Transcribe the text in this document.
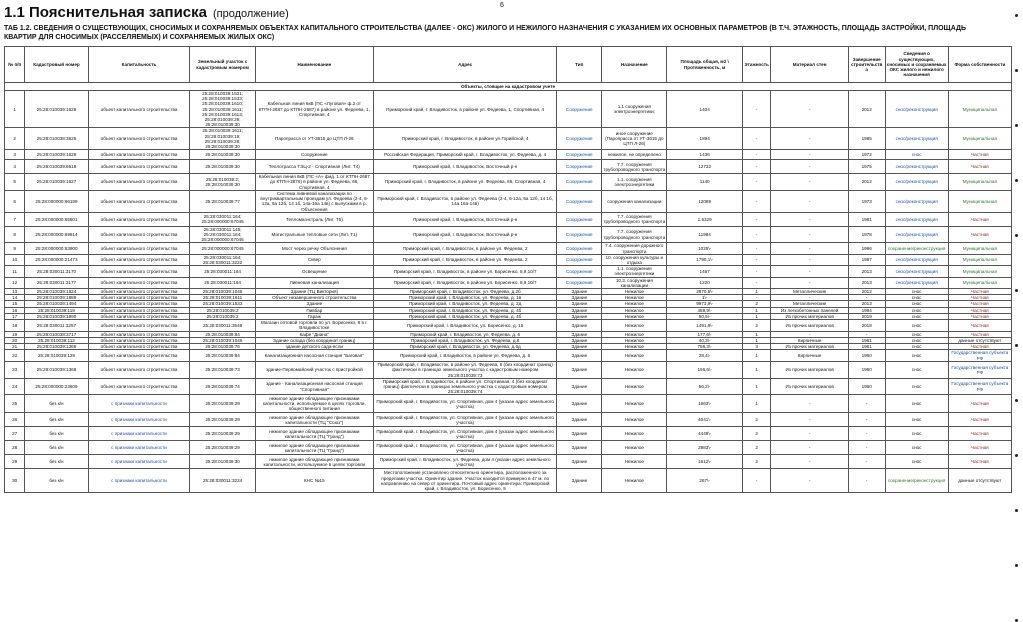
1.1 Пояснительная записка (продолжение)
6
ТАБ 1.2. СВЕДЕНИЯ О СУЩЕСТВУЮЩИХ, СНОСИМЫХ И СОХРАНЯЕМЫХ ОБЪЕКТАХ КАПИТАЛЬНОГО СТРОИТЕЛЬСТВА (ДАЛЕЕ - ОКС) ЖИЛОГО И НЕЖИЛОГО НАЗНАЧЕНИЯ С УКАЗАНИЕМ ИХ ОСНОВНЫХ ПАРАМЕТРОВ (В Т.Ч. ЭТАЖНОСТЬ, ПЛОЩАДЬ ЗАСТРОЙКИ, ПЛОЩАДЬ КВАРТИР ДЛЯ СНОСИМЫХ (РАССЕЛЯЕМЫХ) И СОХРАНЯЕМЫХ ЖИЛЫХ ОКС)
№ п/п	Кадастровый номер	Капитальность	Земельный участок с кадастровым номером	Наименование	Адрес	Тип	Назначение	Площадь общая, м2 \ Протяженность, м	Этажность	Материал стен	Завершение строительства	Сведения о существующих, сносимых и сохраняемых ОКС жилого и нежилого назначения	Форма собственности
Объекты, стоящие на кадастровом учете													
1	25:28:010039:1628	объект капитального строительства	25:28:010039:1531; 25:28:010039:1533; 25:28:010039:1610; 25:28:010039:1611; 25:28:010039:1613; 25:28:010039:29; 25:28:010039:30	Кабельная линия 6кВ (ПС «Луговая» ф.2 от КТПН-2687 до КТПН-2687) в районе ул. Федеева, 1, Спортивная, 4	Приморский край, г. Владивосток, в районе ул. Федеева, 1, Спортивная, 4	Сооружение	1.1 сооружения электроэнергетики;	1404	-	-	2012	снос/реконструкция	Муниципальная
2	25:28:010038:3625	объект капитального строительства	25:28:010039:1611; 25:28:010039:19; 25:28:010039:28; 25:28:010039:30	Паропрасса от УТ-3615 до ЦТП Л-26	Приморский край, г. Владивосток, в районе ул.Горийской, 4	Сооружение	иное сооружение (Паропрасса от УТ-3615 до ЦТП Л-26)	1894	-	-	1985	снос/реконструкция	Муниципальная
3	25:28:010039:1629	объект капитального строительства	25:28:010039:30	Сооружение	Российская Федерация, Приморский край, г. Владивосток, ул. Федеева, д. 4	Сооружение	нежилое, не определено	1436	-	-	1972	снос	Частная
4	25:28:010039:6618	объект капитального строительства	25:28:010039:30	Теплотрасса ТЭЦ-2 - Спортивная (Лит. Т4)	Приморский край, г. Владивосток, Восточный р-н	Сооружение	7.7. сооружения трубопроводного транспорта	12732	-	-	1975	снос/реконструкция	Частная
5	25:28:010039:1627	объект капитального строительства	25:28:010039:2; 25:28:010039:30	Кабельная линия 6кВ (ПС «А» фид. 1 от КТПН-2687 до КТПН-2876) в районе ул. Федеева, 66, Спортивная, 4	Приморский край, г. Владивосток, в районе ул. Федеева, 66, Спортивная, 4	Сооружение	1.1. сооружения электроэнергетики	1140	-	-	2012	снос/реконструкция	Муниципальная
6	25:28:000000:66199	объект капитального строительства	25:28:010039:77	Система ливневой канализации по внутриквартальным проездам ул. Федеева (2-4, 6-12а, 6а 12б, 14 1б, 14а-16а 14в) с выпусками в р. Объяснения	Приморский край, г. Владивосток, в районе ул. Федеева (2-4, 6-12а, 6а 12б, 14 1б, 14а 16а-14в)	Сооружение	сооружения канализации	12089	-	-	1973	снос/реконструкция	Муниципальная
7	25:28:000000:65601	объект капитального строительства	25:28:030011:164; 25:28:000000:67045	Тепломагистраль (Лит. Т5)	Приморский край, г. Владивосток, Восточный р-н	Сооружение	7.7. сооружения трубопроводного транспорта	1.6329	-	-	1981	снос/реконструкция	Частная
8	25:28:000000:69614	объект капитального строительства	25:28:030011:145; 25:28:030011:164; 25:28:000000:67045	Магистральные тепловые сети (Лит. Т1)	Приморский край, г. Владивосток, Восточный р-н	Сооружение	7.7. сооружения трубопроводного транспорта	11984	-	-	1978	снос/реконструкция	Частная
9	25:28:000000:63900	объект капитального строительства	25:28:000000:67045	Мост через речку Объяснения	Приморский край, г. Владивосток, в районе ул. Федеева, 2	Сооружение	7.4. сооружения дорожного транспорта	1025\-	-	-	1996	сохранение/реконструкция	Муниципальная
10	25:28:000000:21473	объект капитального строительства	25:28:030011:164; 25:28:030011:3222	Сквер	Приморский край, г. Владивосток, в районе ул. Федеева, 2	Сооружение	10. сооружения культуры и отдыха	1790,1\-	-	-	1987	снос/реконструкция	Муниципальная
11	25:28:030011:3170	объект капитального строительства	25:28:030011:164	Освещение	Приморский край, г. Владивосток, в районе ул. Борисенко, 8,9,10/7	Сооружение	1.1. сооружения электроэнергетики	1467	-	-	2013	снос/реконструкция	Муниципальная
12	25:28:030011:3177	объект капитального строительства	25:28:030011:164	Ливневая канализация	Приморский край, г. Владивосток, в районе ул. Борисенко, 8,9,10/7	Сооружение	10.3. сооружения канализации	1220	-	-	2013	снос/реконструкция	Муниципальная
13	25:28:010039:1524	объект капитального строительства	25:28:010039:1045	Здание (ТЦ Виктория)	Приморский край, г. Владивосток, ул. Федеева, д.2б	Здание	Нежилое	2870,5\-	1	Металлические	2012	снос	Частная
14	25:28:010039:1889	объект капитального строительства	25:28:010039:1611	Объект незавершенного строительства	Приморский край, г. Владивосток, ул. Федеева, д. 1в	Здание	Нежилое	1\-	-	-	-	снос	Частная
15	25:28:010039:1494	объект капитального строительства	25:28:010039:1533	Здание	Приморский край, г. Владивосток, ул. Федеева, д. 2д	Здание	Нежилое	9973,9\-	2	Металлические	2013	снос	Частная
16	25:28:010039:119	объект капитального строительства	25:28:010039:2	Пивбар	Приморский край, г. Владивосток, ул. Федеева, д. 4б	Здание	Нежилое	459,9\-	1	Из легкобетонных панелей	1994	снос	Частная
17	25:28:010039:1890	объект капитального строительства	25:28:010039:2	Гараж	Приморский край, г. Владивосток, ул. Федеева, д. 4б	Здание	Нежилое	50,5\-	1	Из прочих материалов	2019	снос	Частная
18	25:28:030011:3257	объект капитального строительства	25:28:030011:3548	Магазин оптовой торговли по ул. Борисенко, 8 в г. Владивостоке	Приморский край, г. Владивосток, ул. Борисенко, д. 15	Здание	Нежилое	1491,8\-	2	Из прочих материалов	2018	снос	Частная
19	25:28:010038:3717	объект капитального строительства	25:28:010039:84	Кафе "Диана"	Приморский край, г. Владивосток, ул. Федеева, д. 6	Здание	Нежилое	177,6\-	1	-	-	снос	Частная
20	25:28:010039:112	объект капитального строительства	25:28:010039:1045	Здание склада (без координат границ)	Приморский край, г. Владивосток, ул. Федеева, д.8	Здание	Нежилое	40,3\-	1	Кирпичные	1961	снос	данные отсутствуют
21	25:28:010039:1366	объект капитального строительства	25:28:010039:76	здание детского сада-ясли	Приморский край, г. Владивосток, ул. Федеева, д.6д	Здание	Нежилое	756,3\-	3	Из прочих материалов	1961	снос	Частная
22	25:28:010039:129	объект капитального строительства	25:28:010039:84	Канализационная насосная станция "Баговая"	Приморский край, г. Владивосток, в районе ул. Федеева, д. 6	Здание	Нежилое	28,4\-	1	Кирпичные	1960	снос	Государственная субъекта РФ
23	25:28:010039:1368	объект капитального строительства	25:28:010039:73	здание-Первомайский участок с пристройкой	Приморский край, г. Владивосток, в районе ул. Федеева, 6 (без координат границ) фактически в границах земельного участка с кадастровым номером 25:28:010039:73	Здание	Нежилое	156,6\-	1	Из прочих материалов	1960	снос	Государственная субъекта РФ
24	25:28:000000:23609	объект капитального строительства	25:28:010039:74	здание - Канализационная насосная станция "Спортивная"	Приморский край, г. Владивосток, в районе ул. Спортивная, 4 (без координат границ) фактически в границах земельного участка с кадастровым номером 25:28:010039:74	Здание	Нежилое	56,2\-	1	Из прочих материалов	1960	снос	Государственная субъекта РФ
25	без к/н	с признаки капитальности	25:28:010039:29	нежилое здание обладающее признаками капитальности, используемое в целях торговли, общественного питания	Приморский край, г. Владивосток, ул. Спортивная, дом 4 (указан адрес земельного участка)	Здание	Нежилое	1663\-	1	-	-	снос	Частная
26	без к/н	с признаки капитальности	25:28:010039:29	нежилое здание обладающее признаками капитальности (ТЦ "Союз")	Приморский край, г. Владивосток, ул. Спортивная, дом 4 (указан адрес земельного участка)	Здание	Нежилое	4041\-	2	-	-	снос	Частная
27	без к/н	с признаки капитальности	25:28:010039:29	нежилое здание обладающее признаками капитальности (ТЦ "Гранд")	Приморский край, г. Владивосток, ул. Спортивная, дом 4 (указан адрес земельного участка)	Здание	Нежилое	4449\-	2	-	-	снос	Частная
28	без к/н	с признаки капитальности	25:28:010039:29	нежилое здание обладающее признаками капитальности (ТЦ "Гранд")	Приморский край, г. Владивосток, ул. Спортивная, дом 4 (указан адрес земельного участка)	Здание	Нежилое	2983\-	2	-	-	снос	Частная
29	без к/н	с признаки капитальности	25:28:010039:30	нежилое здание обладающее признаками капитальности, используемое в целях торговли	Приморский край, г. Владивосток, ул. Федеева, дом 4 (указан адрес земельного участка)	Здание	Нежилое	1612\-	2	-	-	снос	Частная
30	без к/н	с признаки капитальности	25:28:030011:3224	КНС №15	Местоположение установлено относительно ориентира, расположенного за пределами участка. Ориентир здание. Участок находится примерно в 47 м. по направлению на север от ориентира. Почтовый адрес ориентира: Приморский край, г. Владивосток, ул. Борисенко, 9	Здание	Нежилое	267\-	-	-	-	сохранение/реконструкция	данные отсутствуют
